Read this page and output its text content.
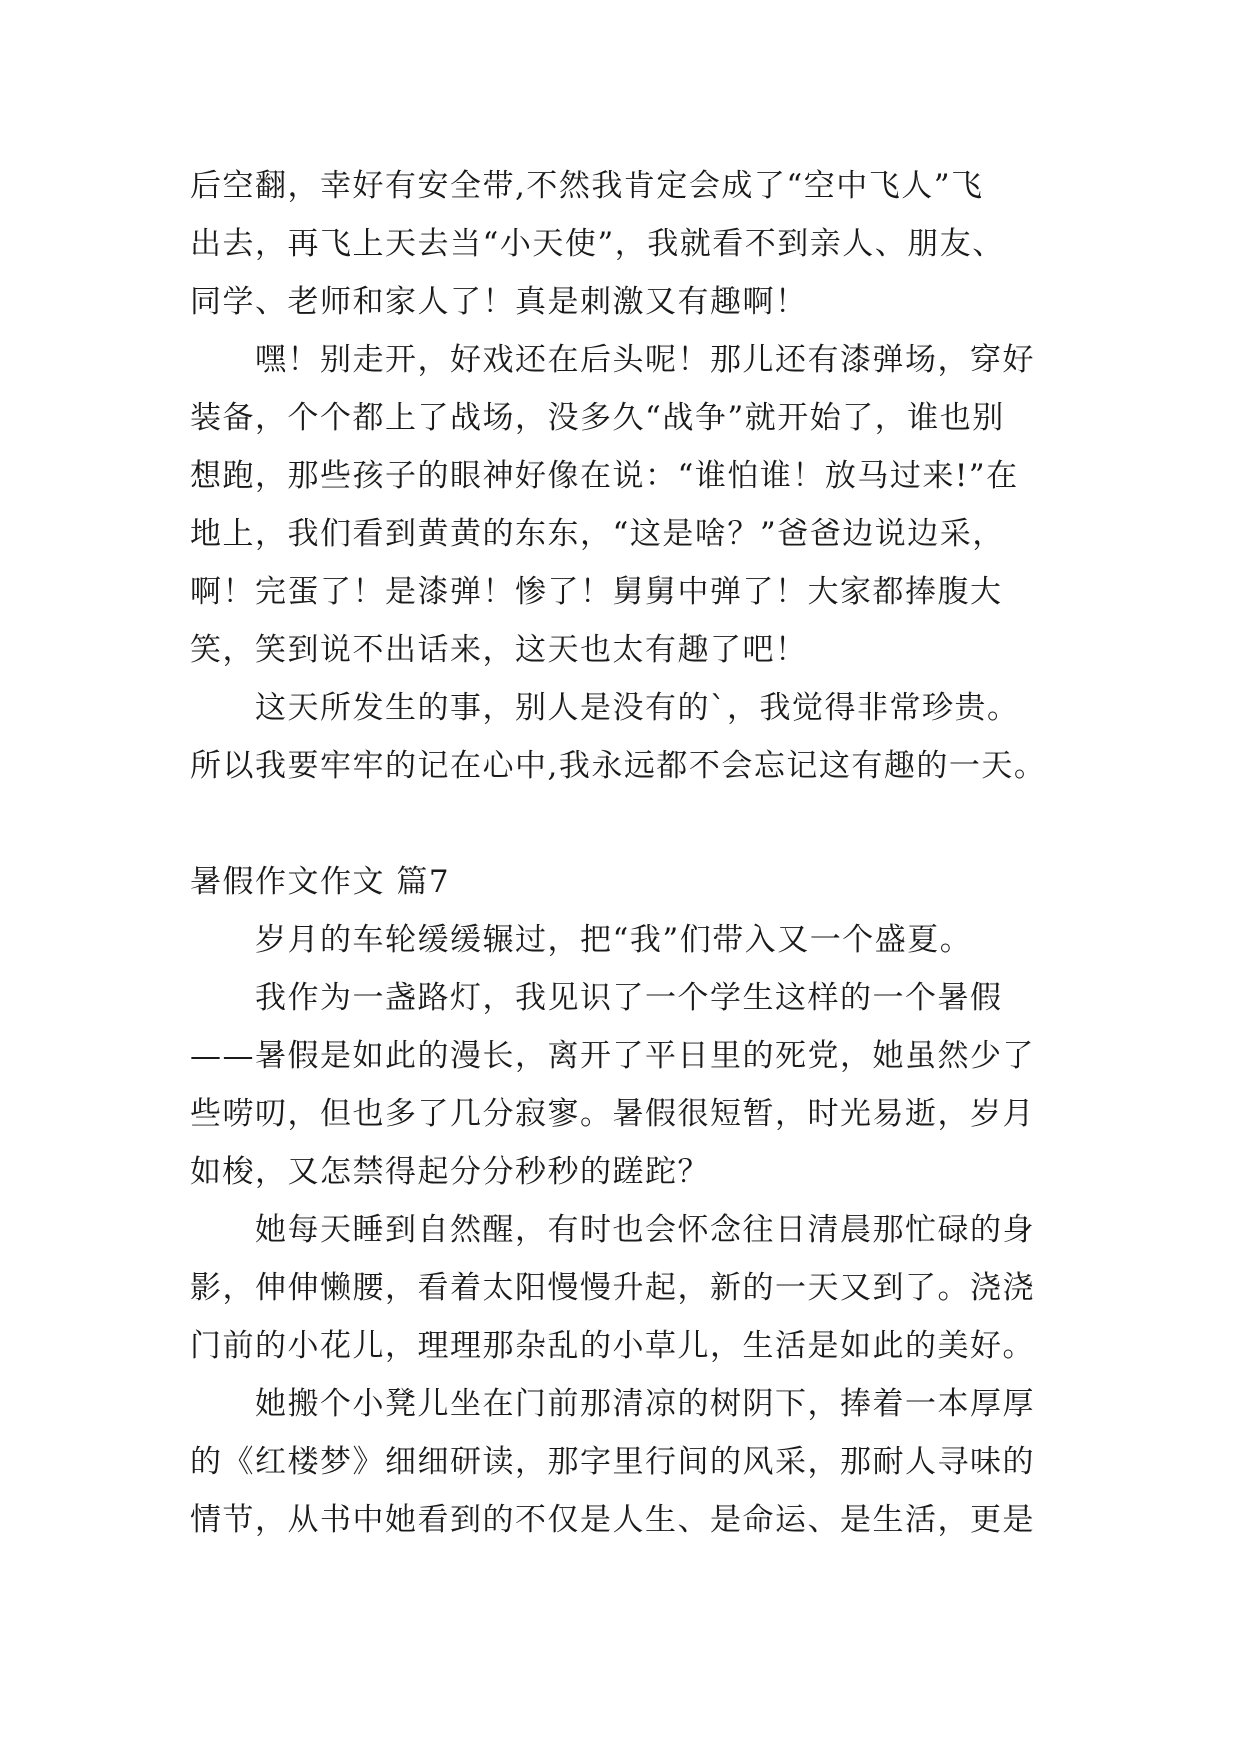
后空翻，幸好有安全带,不然我肯定会成了“空中飞人”飞
出去，再飞上天去当“小天使”，我就看不到亲人、朋友、
同学、老师和家人了！真是刺激又有趣啊！
　　嘿！别走开，好戏还在后头呢！那儿还有漆弹场，穿好
装备，个个都上了战场，没多久“战争”就开始了，谁也别
想跑，那些孩子的眼神好像在说：“谁怕谁！放马过来!”在
地上，我们看到黄黄的东东，“这是啥？”爸爸边说边采，
啊！完蛋了！是漆弹！惨了！舅舅中弹了！大家都捧腹大
笑，笑到说不出话来，这天也太有趣了吧！
　　这天所发生的事，别人是没有的`，我觉得非常珍贵。
所以我要牢牢的记在心中,我永远都不会忘记这有趣的一天。
暑假作文作文 篇7
　　岁月的车轮缓缓辗过，把“我”们带入又一个盛夏。
　　我作为一盏路灯，我见识了一个学生这样的一个暑假
——暑假是如此的漫长，离开了平日里的死党，她虽然少了
些唠叨，但也多了几分寂寥。暑假很短暂，时光易逝，岁月
如梭，又怎禁得起分分秒秒的蹉跎？
　　她每天睡到自然醒，有时也会怀念往日清晨那忙碌的身
影，伸伸懒腰，看着太阳慢慢升起，新的一天又到了。浇浇
门前的小花儿，理理那杂乱的小草儿，生活是如此的美好。
　　她搬个小凳儿坐在门前那清凉的树阴下，捧着一本厚厚
的《红楼梦》细细研读，那字里行间的风采，那耐人寻味的
情节，从书中她看到的不仅是人生、是命运、是生活，更是
